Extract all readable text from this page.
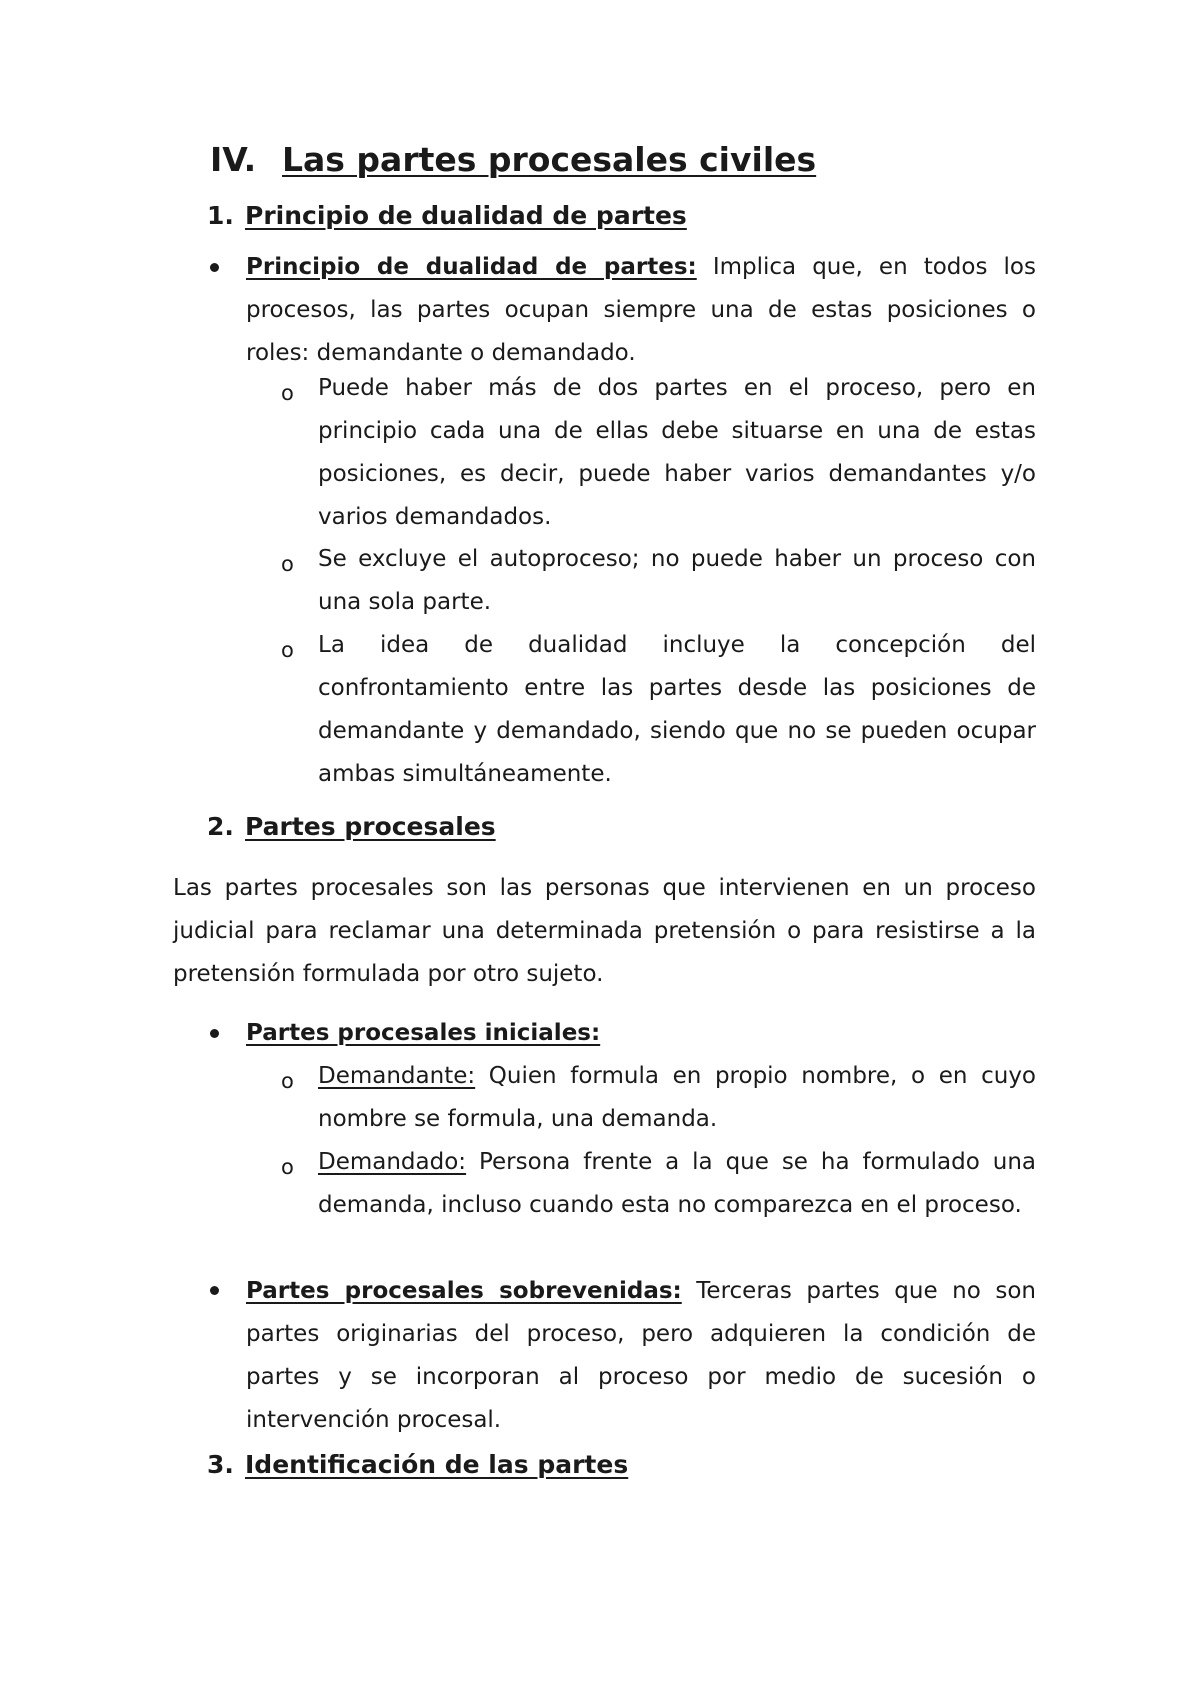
IV. Las partes procesales civiles
1. Principio de dualidad de partes
Principio de dualidad de partes: Implica que, en todos los procesos, las partes ocupan siempre una de estas posiciones o roles: demandante o demandado.
o Puede haber más de dos partes en el proceso, pero en principio cada una de ellas debe situarse en una de estas posiciones, es decir, puede haber varios demandantes y/o varios demandados.
o Se excluye el autoproceso; no puede haber un proceso con una sola parte.
o La idea de dualidad incluye la concepción del confrontamiento entre las partes desde las posiciones de demandante y demandado, siendo que no se pueden ocupar ambas simultáneamente.
2. Partes procesales
Las partes procesales son las personas que intervienen en un proceso judicial para reclamar una determinada pretensión o para resistirse a la pretensión formulada por otro sujeto.
Partes procesales iniciales:
o Demandante: Quien formula en propio nombre, o en cuyo nombre se formula, una demanda.
o Demandado: Persona frente a la que se ha formulado una demanda, incluso cuando esta no comparezca en el proceso.
Partes procesales sobrevenidas: Terceras partes que no son partes originarias del proceso, pero adquieren la condición de partes y se incorporan al proceso por medio de sucesión o intervención procesal.
3. Identificación de las partes
